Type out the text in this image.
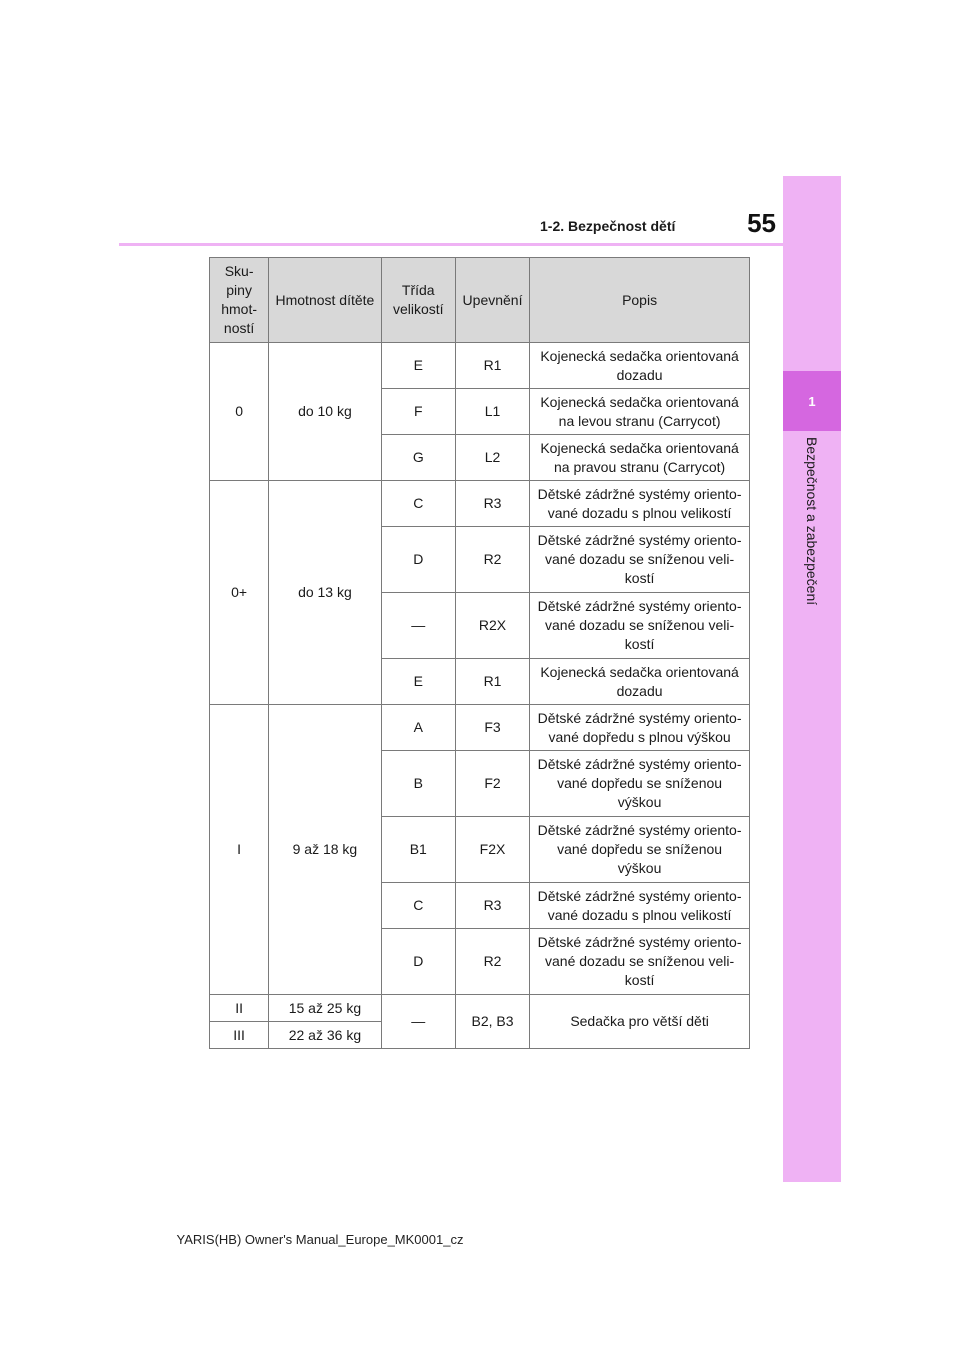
1
Bezpečnost a zabezpečení
55
1-2. Bezpečnost dětí
Sku-piny hmot-ností	Hmotnost dítěte	Třída velikostí	Upevnění	Popis
0	do 10 kg	E	R1	Kojenecká sedačka orientovaná dozadu
		F	L1	Kojenecká sedačka orientovaná na levou stranu (Carrycot)
		G	L2	Kojenecká sedačka orientovaná na pravou stranu (Carrycot)
0+	do 13 kg	C	R3	Dětské zádržné systémy oriento-vané dozadu s plnou velikostí
		D	R2	Dětské zádržné systémy oriento-vané dozadu se sníženou veli-kostí
		—	R2X	Dětské zádržné systémy oriento-vané dozadu se sníženou veli-kostí
		E	R1	Kojenecká sedačka orientovaná dozadu
I	9 až 18 kg	A	F3	Dětské zádržné systémy oriento-vané dopředu s plnou výškou
		B	F2	Dětské zádržné systémy oriento-vané dopředu se sníženou výškou
		B1	F2X	Dětské zádržné systémy oriento-vané dopředu se sníženou výškou
		C	R3	Dětské zádržné systémy oriento-vané dozadu s plnou velikostí
		D	R2	Dětské zádržné systémy oriento-vané dozadu se sníženou veli-kostí
II	15 až 25 kg	—	B2, B3	Sedačka pro větší děti
III	22 až 36 kg			
YARIS(HB) Owner's Manual_Europe_MK0001_cz
